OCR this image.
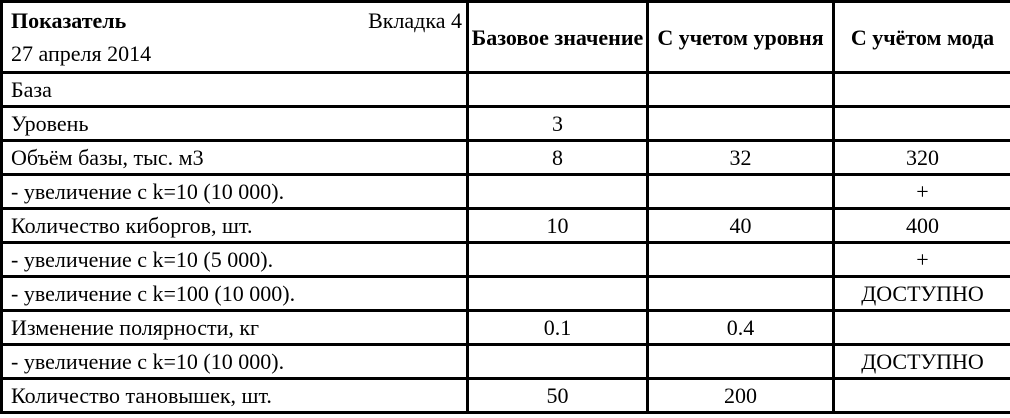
Показатель Вкладка 4
27 апреля 2014	Базовое значение	С учетом уровня	С учётом мода
База			
Уровень	3		
Объём базы, тыс. м3	8	32	320
- увеличение с k=10 (10 000).			+
Количество киборгов, шт.	10	40	400
- увеличение с k=10 (5 000).			+
- увеличение с k=100 (10 000).			ДОСТУПНО
Изменение полярности, кг	0.1	0.4	
- увеличение с k=10 (10 000).			ДОСТУПНО
Количество тановышек, шт.	50	200	
